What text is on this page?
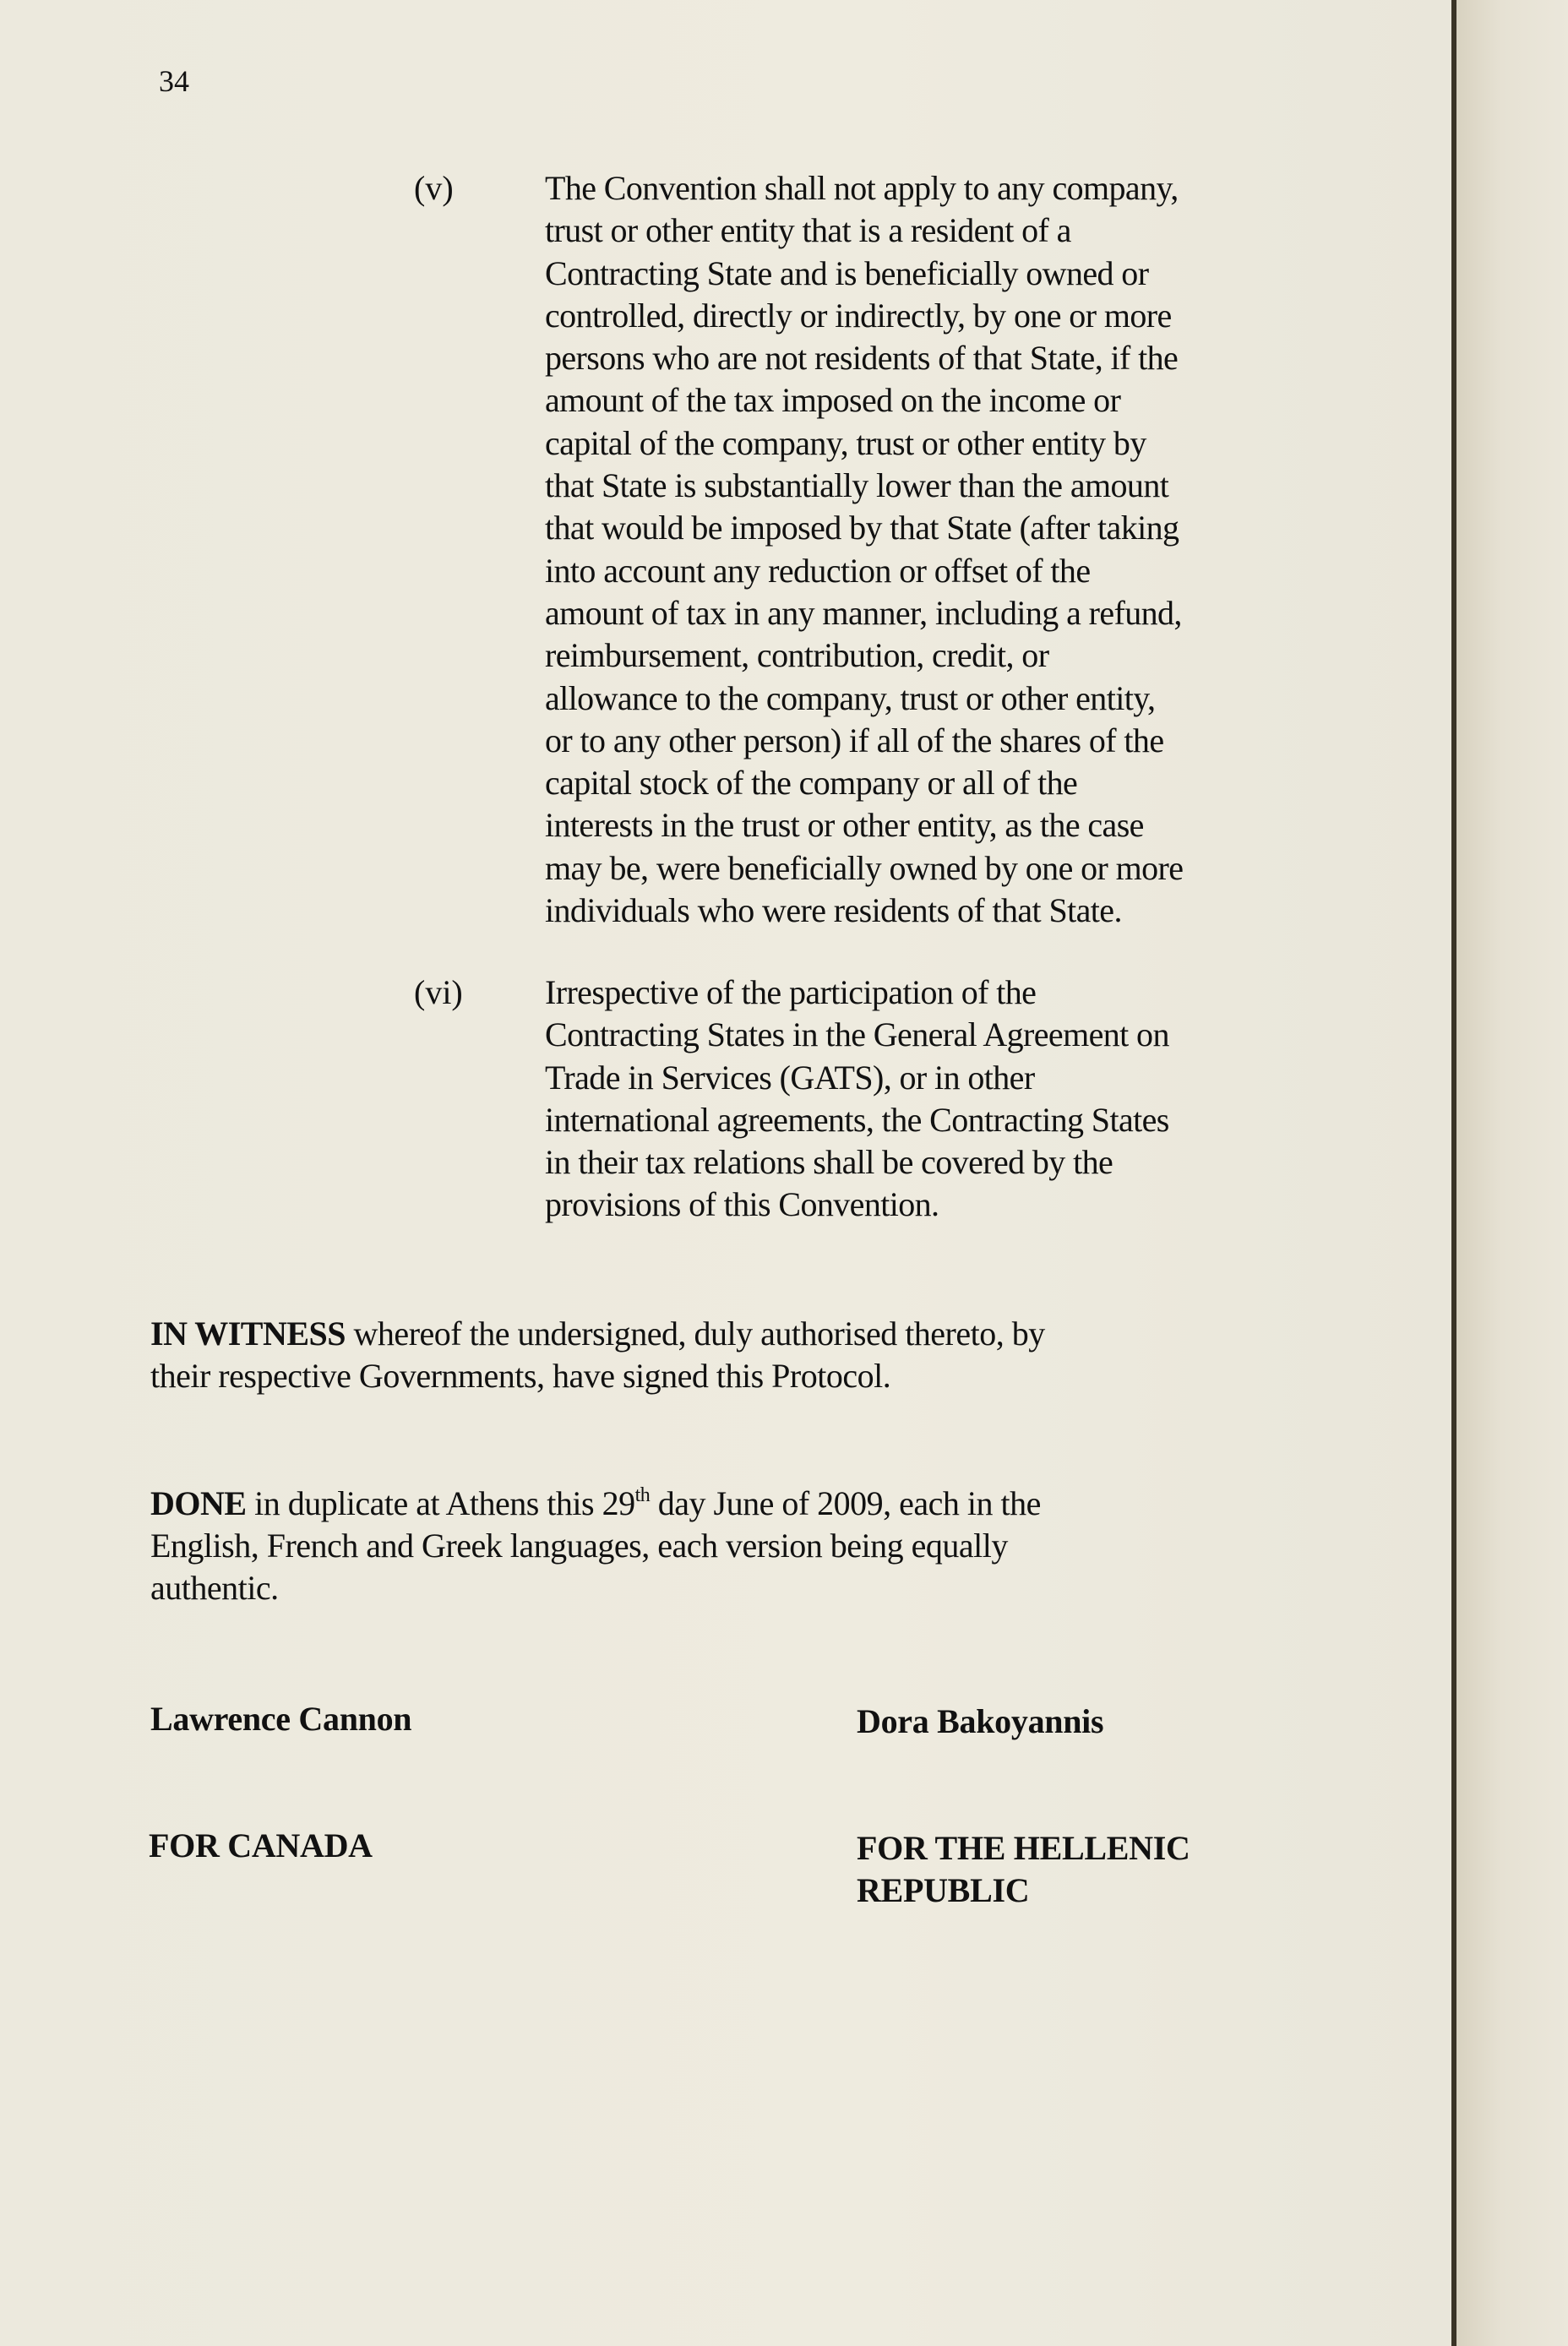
34
(v)	The Convention shall not apply to any company,
trust or other entity that is a resident of a
Contracting State and is beneficially owned or
controlled, directly or indirectly, by one or more
persons who are not residents of that State, if the
amount of the tax imposed on the income or
capital of the company, trust or other entity by
that State is substantially lower than the amount
that would be imposed by that State (after taking
into account any reduction or offset of the
amount of tax in any manner, including a refund,
reimbursement, contribution, credit, or
allowance to the company, trust or other entity,
or to any other person) if all of the shares of the
capital stock of the company or all of the
interests in the trust or other entity, as the case
may be, were beneficially owned by one or more
individuals who were residents of that State.
(vi) Irrespective of the participation of the
Contracting States in the General Agreement on
Trade in Services (GATS), or in other
international agreements, the Contracting States
in their tax relations shall be covered by the
provisions of this Convention.
IN WITNESS whereof the undersigned, duly authorised thereto, by
their respective Governments, have signed this Protocol.
DONE in duplicate at Athens this 29th day June of 2009, each in the
English, French and Greek languages, each version being equally
authentic.
Lawrence Cannon	Dora Bakoyannis
FOR CANADA	FOR THE HELLENIC
REPUBLIC
